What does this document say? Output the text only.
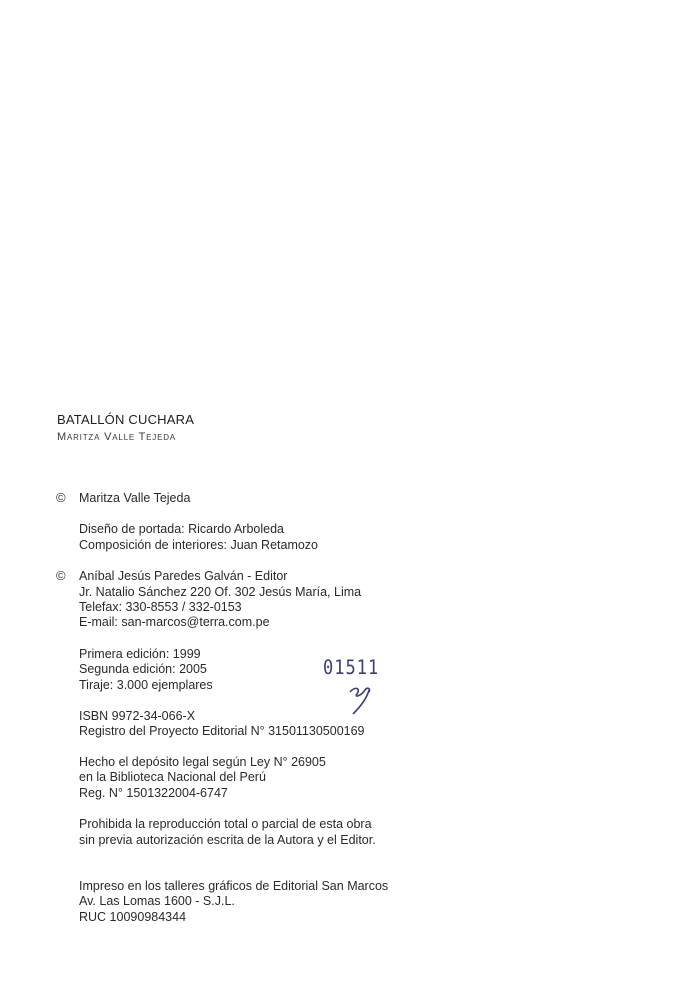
BATALLÓN CUCHARA
Maritza Valle Tejeda
© Maritza Valle Tejeda
Diseño de portada: Ricardo Arboleda
Composición de interiores: Juan Retamozo
© Aníbal Jesús Paredes Galván - Editor
Jr. Natalio Sánchez 220 Of. 302 Jesús María, Lima
Telefax: 330-8553 / 332-0153
E-mail: san-marcos@terra.com.pe
Primera edición: 1999
Segunda edición: 2005
Tiraje: 3.000 ejemplares
01511
ISBN 9972-34-066-X
Registro del Proyecto Editorial N° 31501130500169
Hecho el depósito legal según Ley N° 26905
en la Biblioteca Nacional del Perú
Reg. N° 1501322004-6747
Prohibida la reproducción total o parcial de esta obra
sin previa autorización escrita de la Autora y el Editor.
Impreso en los talleres gráficos de Editorial San Marcos
Av. Las Lomas 1600 - S.J.L.
RUC 10090984344
